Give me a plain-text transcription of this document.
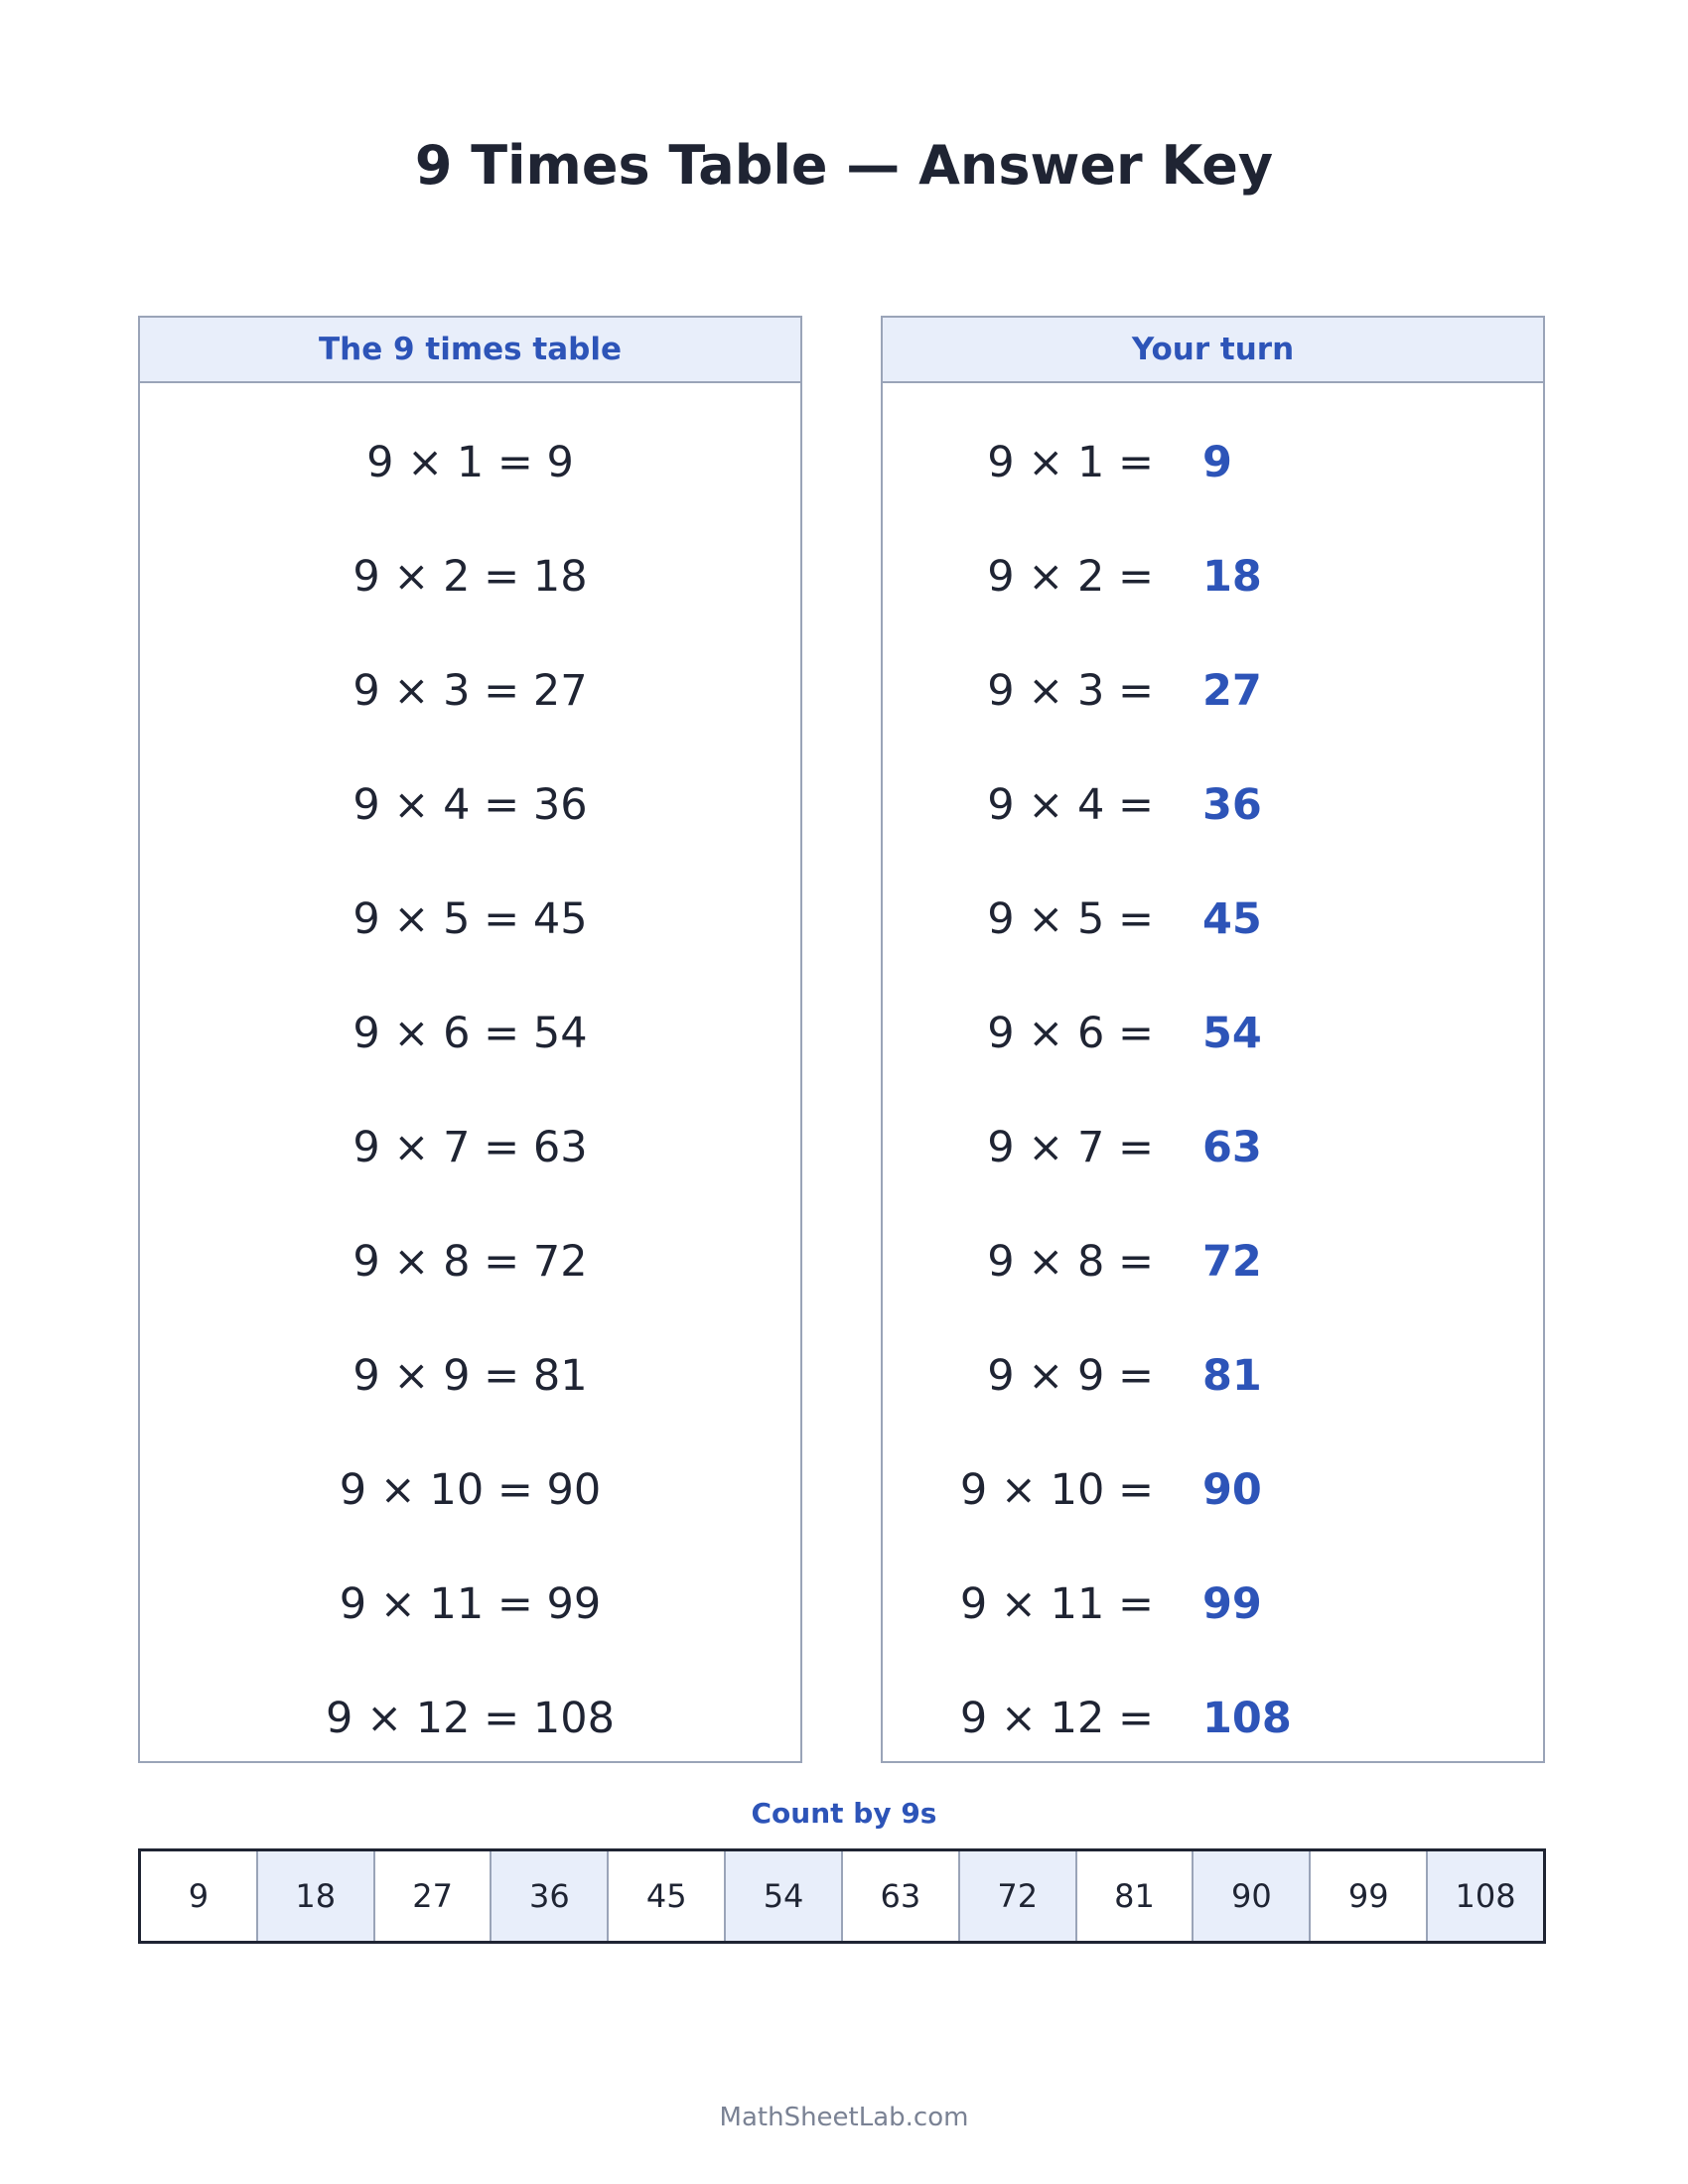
9 Times Table — Answer Key
The 9 times table
9 × 1 = 9
9 × 2 = 18
9 × 3 = 27
9 × 4 = 36
9 × 5 = 45
9 × 6 = 54
9 × 7 = 63
9 × 8 = 72
9 × 9 = 81
9 × 10 = 90
9 × 11 = 99
9 × 12 = 108
Your turn
9 × 1 = 9
9 × 2 = 18
9 × 3 = 27
9 × 4 = 36
9 × 5 = 45
9 × 6 = 54
9 × 7 = 63
9 × 8 = 72
9 × 9 = 81
9 × 10 = 90
9 × 11 = 99
9 × 12 = 108
Count by 9s
9	18	27	36	45	54	63	72	81	90	99	108
MathSheetLab.com
